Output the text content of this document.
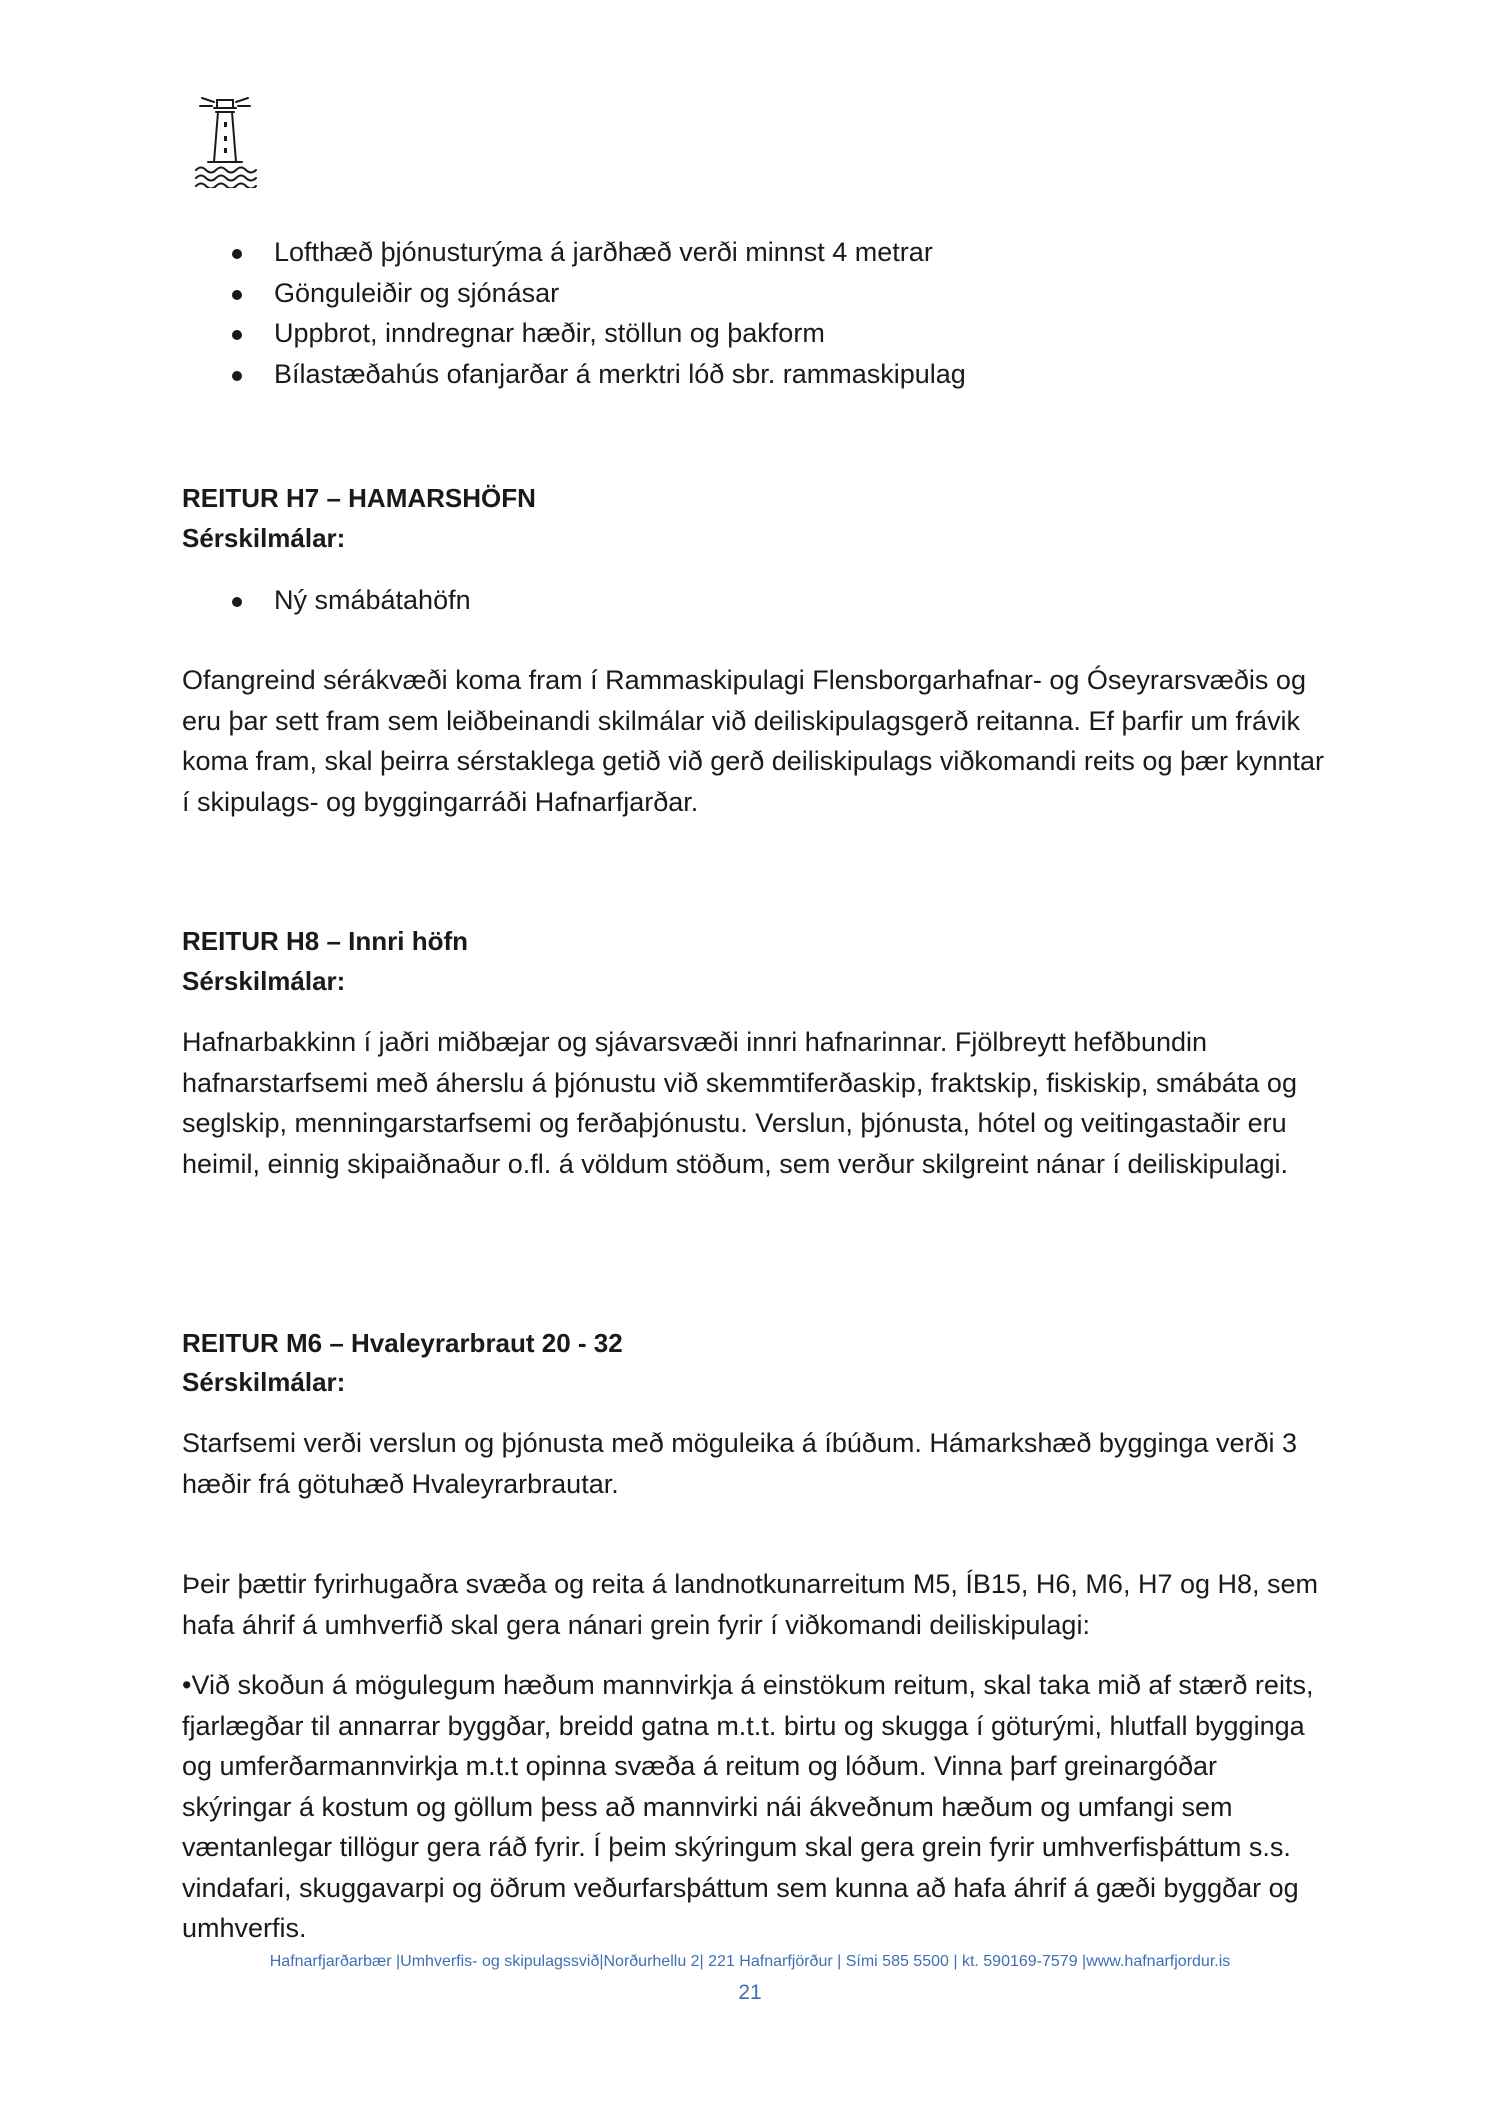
Lofthæð þjónusturýma á jarðhæð verði minnst 4 metrar
Gönguleiðir og sjónásar
Uppbrot, inndregnar hæðir, stöllun og þakform
Bílastæðahús ofanjarðar á merktri lóð sbr. rammaskipulag
REITUR H7 – HAMARSHÖFN
Sérskilmálar:
Ný smábátahöfn

Ofangreind sérákvæði koma fram í Rammaskipulagi Flensborgarhafnar- og Óseyrarsvæðis og eru þar sett fram sem leiðbeinandi skilmálar við deiliskipulagsgerð reitanna. Ef þarfir um frávik koma fram, skal þeirra sérstaklega getið við gerð deiliskipulags viðkomandi reits og þær kynntar í skipulags- og byggingarráði Hafnarfjarðar.

REITUR H8 – Innri höfn
Sérskilmálar:

Hafnarbakkinn í jaðri miðbæjar og sjávarsvæði innri hafnarinnar. Fjölbreytt hefðbundin hafnarstarfsemi með áherslu á þjónustu við skemmtiferðaskip, fraktskip, fiskiskip, smábáta og seglskip, menningarstarfsemi og ferðaþjónustu. Verslun, þjónusta, hótel og veitingastaðir eru heimil, einnig skipaiðnaður o.fl. á völdum stöðum, sem verður skilgreint nánar í deiliskipulagi.

REITUR M6 – Hvaleyrarbraut 20 - 32
Sérskilmálar:

Starfsemi verði verslun og þjónusta með möguleika á íbúðum. Hámarkshæð bygginga verði 3 hæðir frá götuhæð Hvaleyrarbrautar.

Þeir þættir fyrirhugaðra svæða og reita á landnotkunarreitum M5, ÍB15, H6, M6, H7 og H8, sem hafa áhrif á umhverfið skal gera nánari grein fyrir í viðkomandi deiliskipulagi:

•Við skoðun á mögulegum hæðum mannvirkja á einstökum reitum, skal taka mið af stærð reits, fjarlægðar til annarrar byggðar, breidd gatna m.t.t. birtu og skugga í göturými, hlutfall bygginga og umferðarmannvirkja m.t.t opinna svæða á reitum og lóðum. Vinna þarf greinargóðar skýringar á kostum og göllum þess að mannvirki nái ákveðnum hæðum og umfangi sem væntanlegar tillögur gera ráð fyrir. Í þeim skýringum skal gera grein fyrir umhverfisþáttum s.s. vindafari, skuggavarpi og öðrum veðurfarsþáttum sem kunna að hafa áhrif á gæði byggðar og umhverfis.

Hafnarfjarðarbær |Umhverfis- og skipulagssvið|Norðurhellu 2| 221 Hafnarfjörður | Sími 585 5500 | kt. 590169-7579 |www.hafnarfjordur.is
21
